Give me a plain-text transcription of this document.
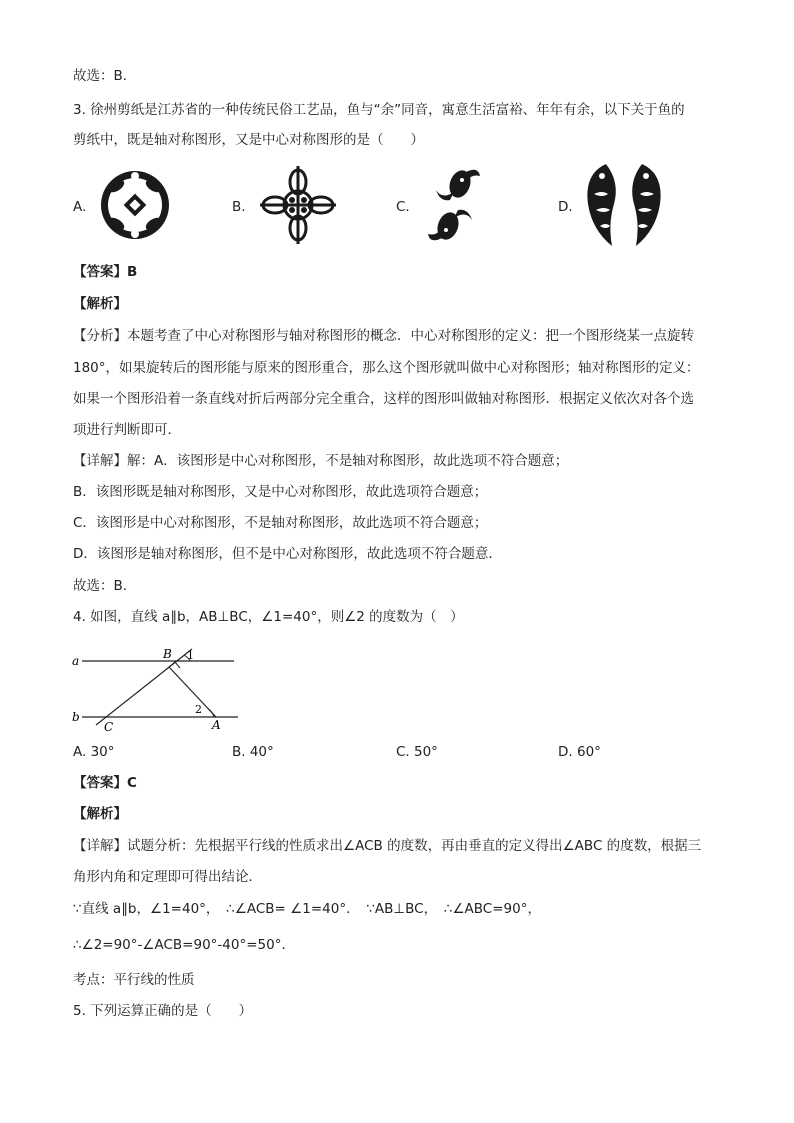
故选：B．
3. 徐州剪纸是江苏省的一种传统民俗工艺品，鱼与“余”同音，寓意生活富裕、年年有余，以下关于鱼的
剪纸中，既是轴对称图形，又是中心对称图形的是（　　）
A.	B.	C.	D.
【答案】B
【解析】
【分析】本题考查了中心对称图形与轴对称图形的概念．中心对称图形的定义：把一个图形绕某一点旋转
180°，如果旋转后的图形能与原来的图形重合，那么这个图形就叫做中心对称图形；轴对称图形的定义：
如果一个图形沿着一条直线对折后两部分完全重合，这样的图形叫做轴对称图形．根据定义依次对各个选
项进行判断即可．
【详解】解：A．该图形是中心对称图形，不是轴对称图形，故此选项不符合题意；
B．该图形既是轴对称图形，又是中心对称图形，故此选项符合题意；
C．该图形是中心对称图形，不是轴对称图形，故此选项不符合题意；
D．该图形是轴对称图形，但不是中心对称图形，故此选项不符合题意．
故选：B．
4. 如图，直线 a∥b，AB⊥BC，∠1=40°，则∠2 的度数为（　）
a
b
B
C	A
1
2
A. 30°	B. 40°	C. 50°	D. 60°
【答案】C
【解析】
【详解】试题分析：先根据平行线的性质求出∠ACB 的度数，再由垂直的定义得出∠ABC 的度数，根据三
角形内角和定理即可得出结论．
∵直线 a∥b，∠1=40°，　∴∠ACB= ∠1=40°．　∵AB⊥BC，　∴∠ABC=90°，
∴∠2=90°-∠ACB=90°-40°=50°．
考点：平行线的性质
5. 下列运算正确的是（　　）
